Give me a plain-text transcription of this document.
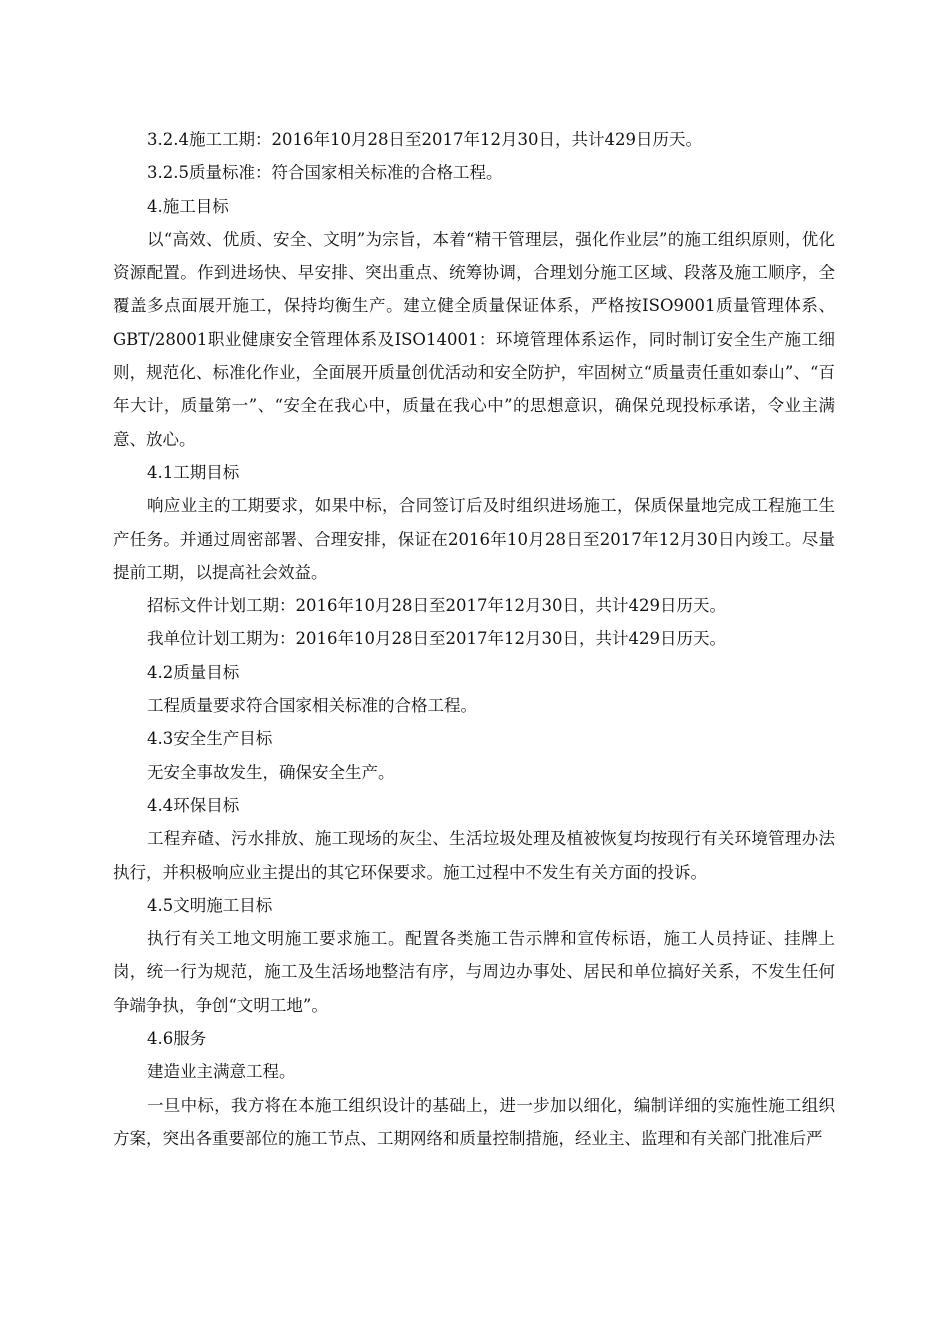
3.2.4施工工期：2016年10月28日至2017年12月30日，共计429日历天。

3.2.5质量标准：符合国家相关标准的合格工程。

4.施工目标

以“高效、优质、安全、文明”为宗旨，本着“精干管理层，强化作业层”的施工组织原则，优化资源配置。作到进场快、早安排、突出重点、统筹协调，合理划分施工区域、段落及施工顺序，全覆盖多点面展开施工，保持均衡生产。建立健全质量保证体系，严格按ISO9001质量管理体系、GBT/28001职业健康安全管理体系及ISO14001：环境管理体系运作，同时制订安全生产施工细则，规范化、标准化作业，全面展开质量创优活动和安全防护，牢固树立“质量责任重如泰山”、“百年大计，质量第一”、“安全在我心中，质量在我心中”的思想意识，确保兑现投标承诺，令业主满意、放心。

4.1工期目标

响应业主的工期要求，如果中标，合同签订后及时组织进场施工，保质保量地完成工程施工生产任务。并通过周密部署、合理安排，保证在2016年10月28日至2017年12月30日内竣工。尽量提前工期，以提高社会效益。

招标文件计划工期：2016年10月28日至2017年12月30日，共计429日历天。

我单位计划工期为：2016年10月28日至2017年12月30日，共计429日历天。

4.2质量目标

工程质量要求符合国家相关标准的合格工程。

4.3安全生产目标

无安全事故发生，确保安全生产。

4.4环保目标

工程弃碴、污水排放、施工现场的灰尘、生活垃圾处理及植被恢复均按现行有关环境管理办法执行，并积极响应业主提出的其它环保要求。施工过程中不发生有关方面的投诉。

4.5文明施工目标

执行有关工地文明施工要求施工。配置各类施工告示牌和宣传标语，施工人员持证、挂牌上岗，统一行为规范，施工及生活场地整洁有序，与周边办事处、居民和单位搞好关系，不发生任何争端争执，争创“文明工地”。

4.6服务

建造业主满意工程。

一旦中标，我方将在本施工组织设计的基础上，进一步加以细化，编制详细的实施性施工组织方案，突出各重要部位的施工节点、工期网络和质量控制措施，经业主、监理和有关部门批准后严
